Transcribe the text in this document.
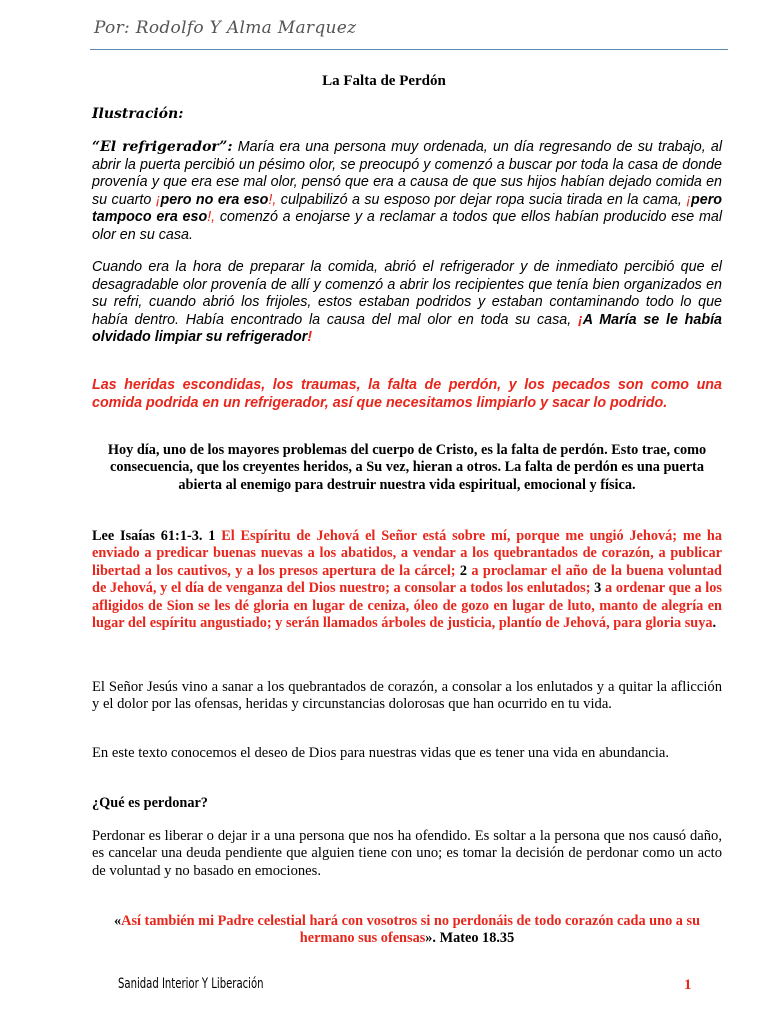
Por: Rodolfo Y Alma Marquez
La Falta de Perdón
Ilustración:
“El refrigerador”: María era una persona muy ordenada, un día regresando de su trabajo, al abrir la puerta percibió un pésimo olor, se preocupó y comenzó a buscar por toda la casa de donde provenía y que era ese mal olor, pensó que era a causa de que sus hijos habían dejado comida en su cuarto ¡pero no era eso!, culpabilizó a su esposo por dejar ropa sucia tirada en la cama, ¡pero tampoco era eso!, comenzó a enojarse y a reclamar a todos que ellos habían producido ese mal olor en su casa.
Cuando era la hora de preparar la comida, abrió el refrigerador y de inmediato percibió que el desagradable olor provenía de allí y comenzó a abrir los recipientes que tenía bien organizados en su refri, cuando abrió los frijoles, estos estaban podridos y estaban contaminando todo lo que había dentro. Había encontrado la causa del mal olor en toda su casa, ¡A María se le había olvidado limpiar su refrigerador!
Las heridas escondidas, los traumas, la falta de perdón, y los pecados son como una comida podrida en un refrigerador, así que necesitamos limpiarlo y sacar lo podrido.
Hoy día, uno de los mayores problemas del cuerpo de Cristo, es la falta de perdón. Esto trae, como consecuencia, que los creyentes heridos, a Su vez, hieran a otros. La falta de perdón es una puerta abierta al enemigo para destruir nuestra vida espiritual, emocional y física.
Lee Isaías 61:1-3. 1 El Espíritu de Jehová el Señor está sobre mí, porque me ungió Jehová; me ha enviado a predicar buenas nuevas a los abatidos, a vendar a los quebrantados de corazón, a publicar libertad a los cautivos, y a los presos apertura de la cárcel; 2 a proclamar el año de la buena voluntad de Jehová, y el día de venganza del Dios nuestro; a consolar a todos los enlutados; 3 a ordenar que a los afligidos de Sion se les dé gloria en lugar de ceniza, óleo de gozo en lugar de luto, manto de alegría en lugar del espíritu angustiado; y serán llamados árboles de justicia, plantío de Jehová, para gloria suya.
El Señor Jesús vino a sanar a los quebrantados de corazón, a consolar a los enlutados y a quitar la aflicción y el dolor por las ofensas, heridas y circunstancias dolorosas que han ocurrido en tu vida.
En este texto conocemos el deseo de Dios para nuestras vidas que es tener una vida en abundancia.
¿Qué es perdonar?
Perdonar es liberar o dejar ir a una persona que nos ha ofendido. Es soltar a la persona que nos causó daño, es cancelar una deuda pendiente que alguien tiene con uno; es tomar la decisión de perdonar como un acto de voluntad y no basado en emociones.
«Así también mi Padre celestial hará con vosotros si no perdonáis de todo corazón cada uno a su hermano sus ofensas». Mateo 18.35
Sanidad Interior Y Liberación	1
